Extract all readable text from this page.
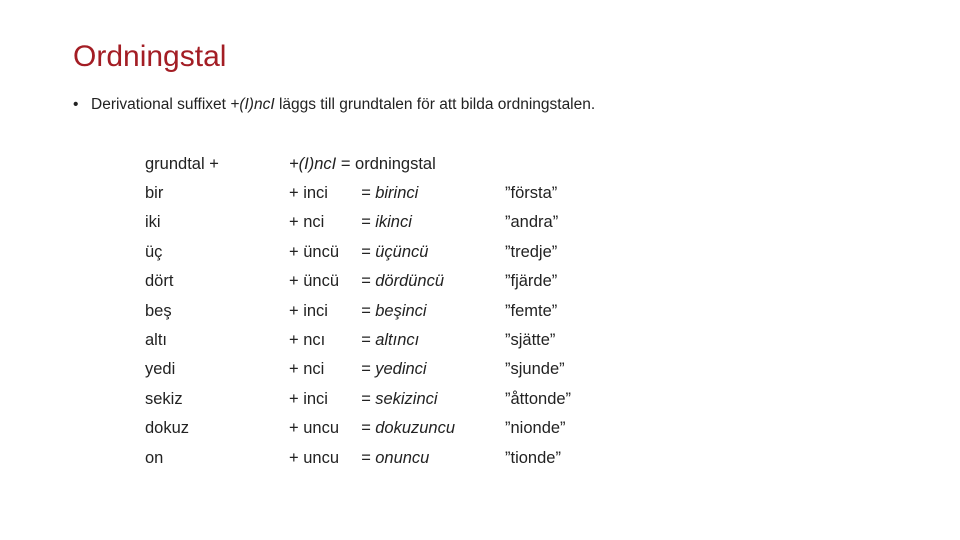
Ordningstal
• Derivational suffixet +(I)ncI läggs till grundtalen för att bilda ordningstalen.
grundtal +	+(I)ncI = ordningstal
bir	+ inci = birinci	”första”
iki	+ nci = ikinci	”andra”
üç	+ üncü = üçüncü	”tredje”
dört	+ üncü = dördüncü	”fjärde”
beş	+ inci = beşinci	”femte”
altı	+ ncı = altıncı	”sjätte”
yedi	+ nci = yedinci	”sjunde”
sekiz	+ inci = sekizinci	”åttonde”
dokuz	+ uncu = dokuzuncu	”nionde”
on	+ uncu = onuncu	”tionde”
